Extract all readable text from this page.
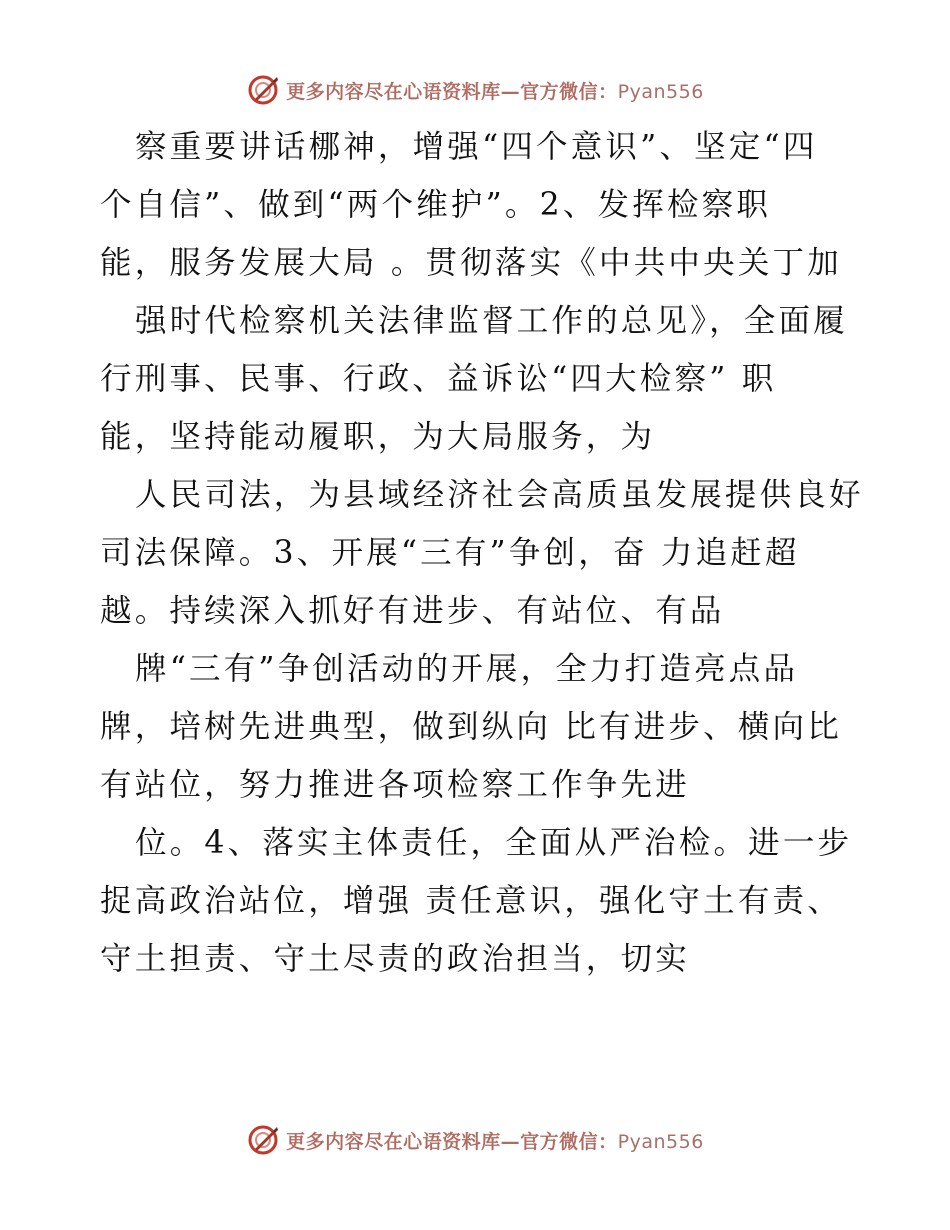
更多内容尽在心语资料库—官方微信：Pyan556
察重要讲话梛神，增强“四个意识”、坚定“四
个自信”、做到“两个维护”。2、发挥检察职
能，服务发展大局 。贯彻落实《中共中央关丁加
强时代检察机关法律监督工作的总见》，全面履
行刑事、民事、行政、益诉讼“四大检察” 职
能，坚持能动履职，为大局服务，为
人民司法，为县域经济社会高质虽发展提供良好
司法保障。3、开展“三有”争创，奋 力追赶超
越。持续深入抓好有进步、有站位、有品
牌“三有”争创活动的开展，全力打造亮点品
牌，培树先进典型，做到纵向 比有进步、横向比
有站位，努力推进各项检察工作争先进
位。4、落实主体责任，全面从严治检。进一步
捉高政治站位，增强 责任意识，强化守土有责、
守土担责、守土尽责的政治担当，切实
更多内容尽在心语资料库—官方微信：Pyan556
